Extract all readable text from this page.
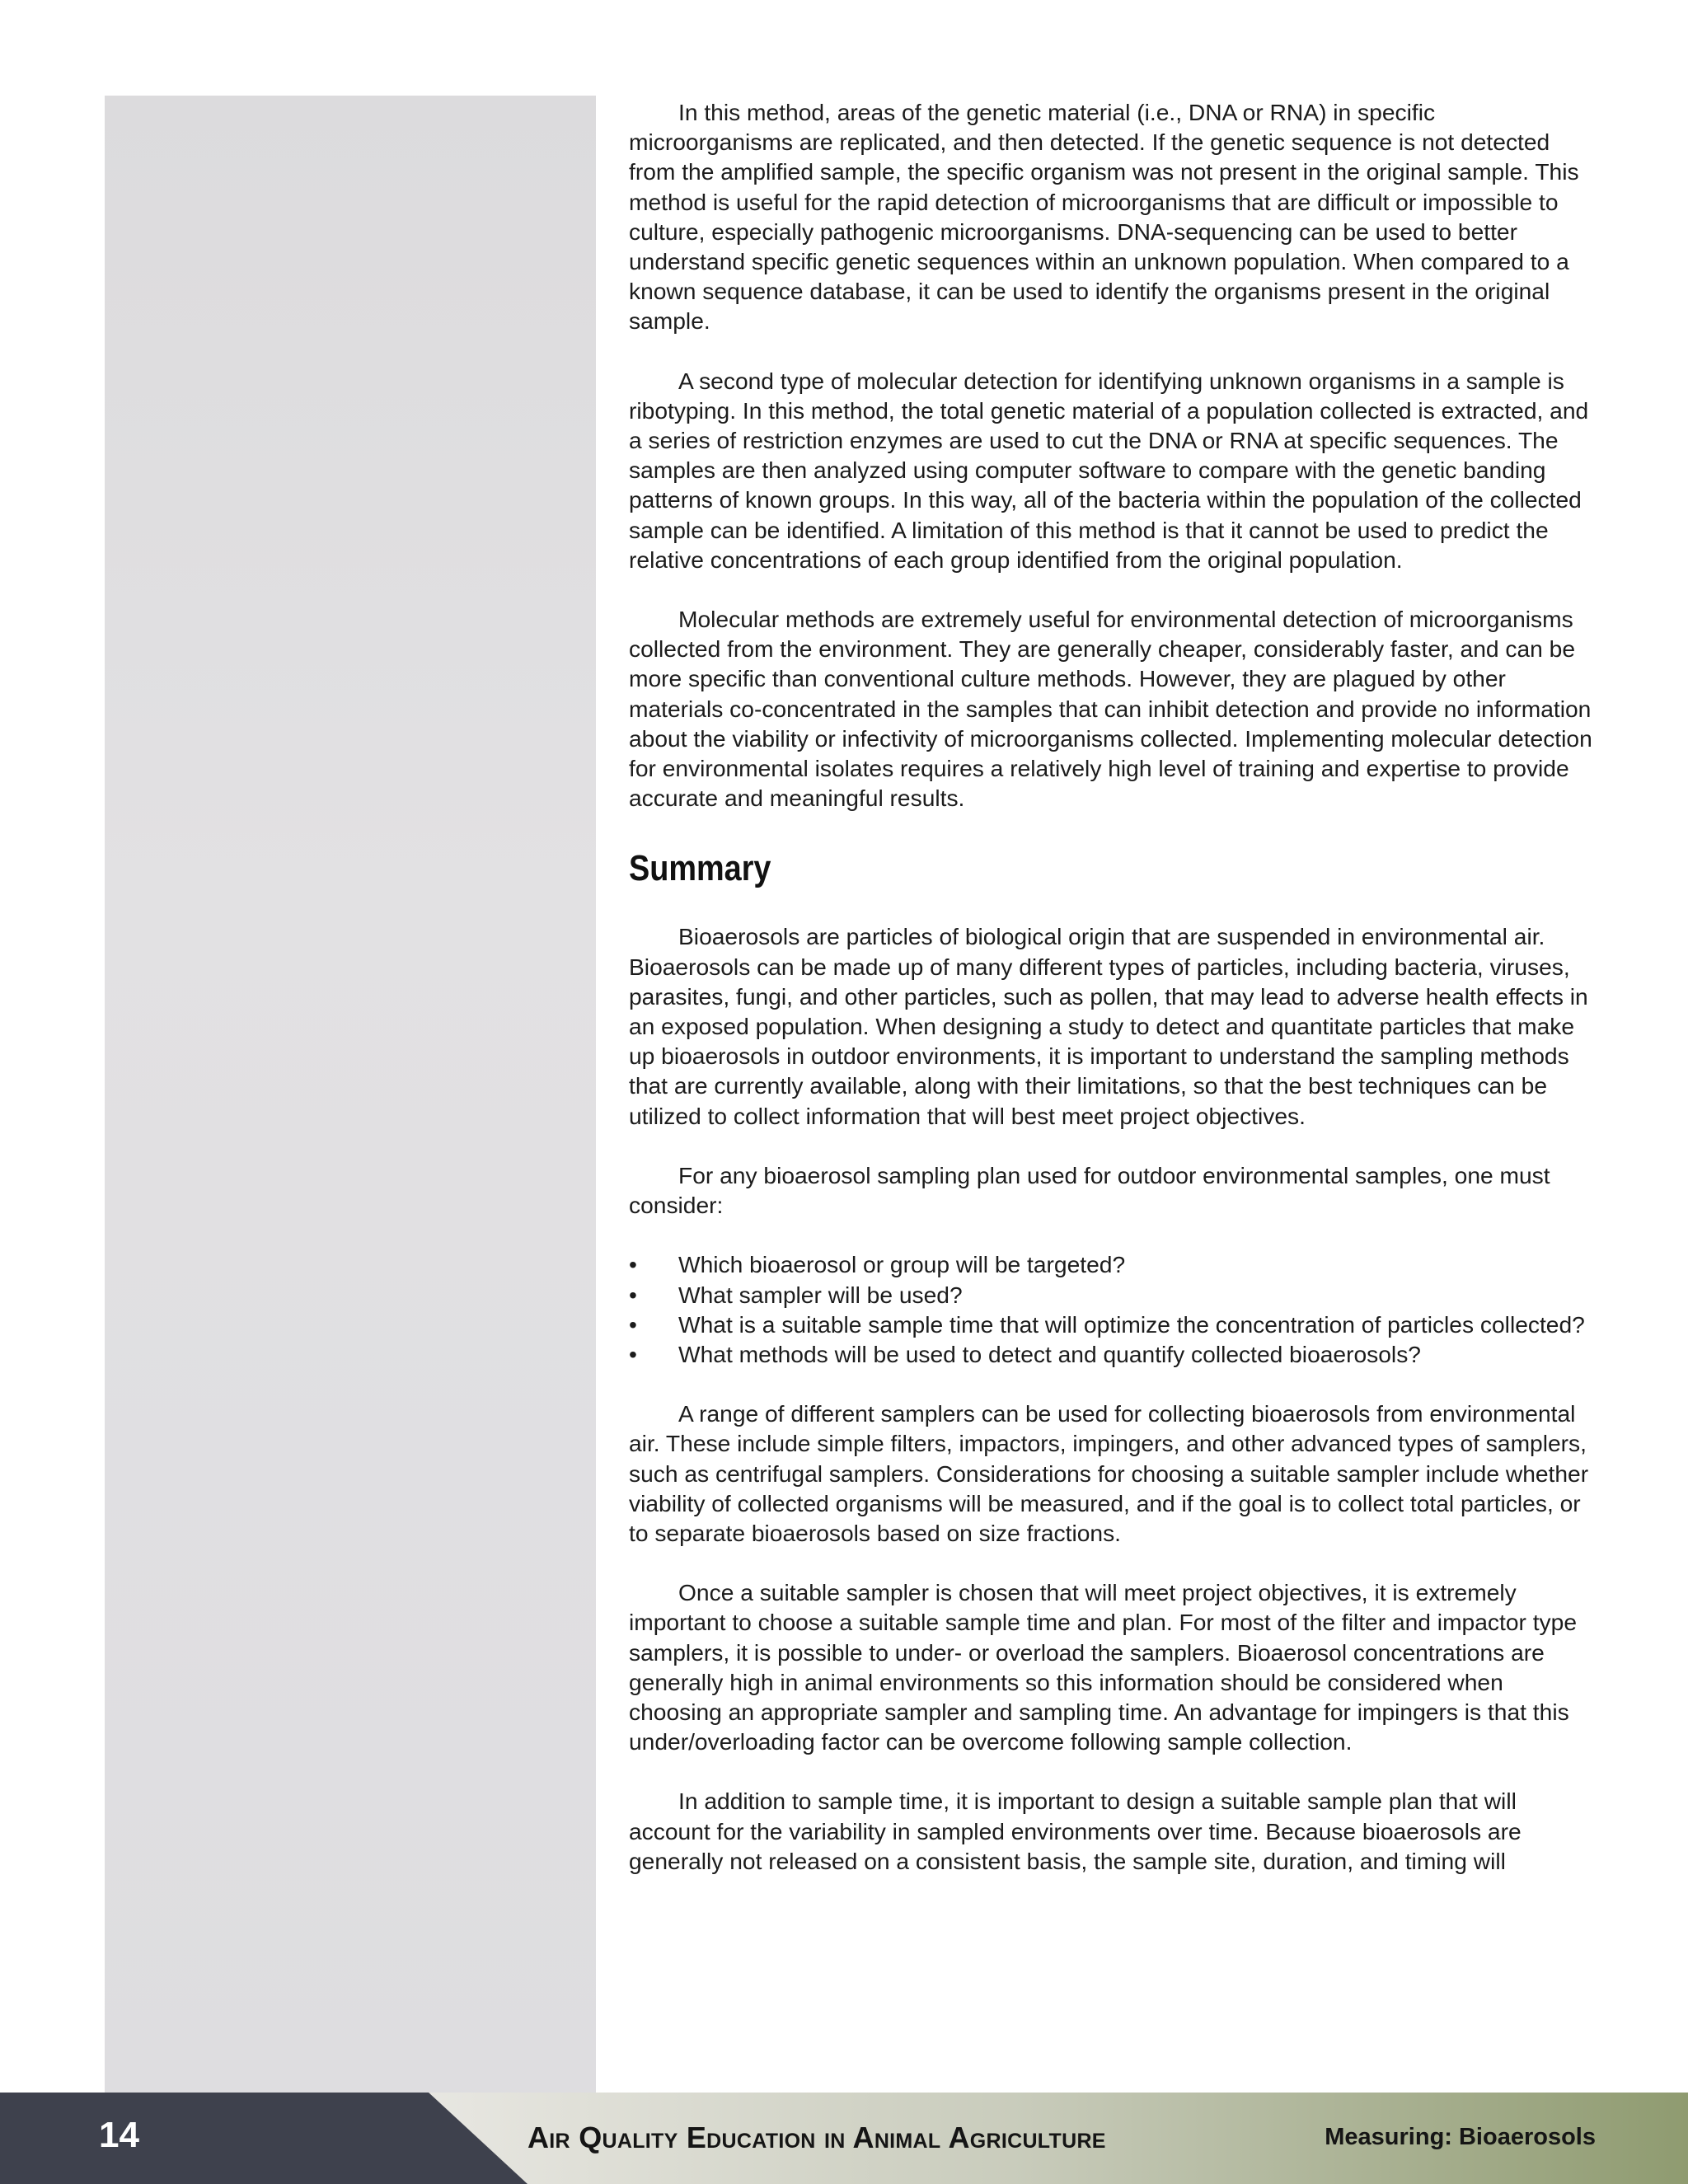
In this method, areas of the genetic material (i.e., DNA or RNA) in specific microorganisms are replicated, and then detected. If the genetic sequence is not detected from the amplified sample, the specific organism was not present in the original sample. This method is useful for the rapid detection of microorganisms that are difficult or impossible to culture, especially pathogenic microorganisms. DNA-sequencing can be used to better understand specific genetic sequences within an unknown population. When compared to a known sequence database, it can be used to identify the organisms present in the original sample.

A second type of molecular detection for identifying unknown organisms in a sample is ribotyping. In this method, the total genetic material of a population collected is extracted, and a series of restriction enzymes are used to cut the DNA or RNA at specific sequences. The samples are then analyzed using computer software to compare with the genetic banding patterns of known groups. In this way, all of the bacteria within the population of the collected sample can be identified. A limitation of this method is that it cannot be used to predict the relative concentrations of each group identified from the original population.

Molecular methods are extremely useful for environmental detection of microorganisms collected from the environment. They are generally cheaper, considerably faster, and can be more specific than conventional culture methods. However, they are plagued by other materials co-concentrated in the samples that can inhibit detection and provide no information about the viability or infectivity of microorganisms collected. Implementing molecular detection for environmental isolates requires a relatively high level of training and expertise to provide accurate and meaningful results.

Summary

Bioaerosols are particles of biological origin that are suspended in environmental air. Bioaerosols can be made up of many different types of particles, including bacteria, viruses, parasites, fungi, and other particles, such as pollen, that may lead to adverse health effects in an exposed population. When designing a study to detect and quantitate particles that make up bioaerosols in outdoor environments, it is important to understand the sampling methods that are currently available, along with their limitations, so that the best techniques can be utilized to collect information that will best meet project objectives.

For any bioaerosol sampling plan used for outdoor environmental samples, one must consider:

• Which bioaerosol or group will be targeted?
• What sampler will be used?
• What is a suitable sample time that will optimize the concentration of particles collected?
• What methods will be used to detect and quantify collected bioaerosols?

A range of different samplers can be used for collecting bioaerosols from environmental air. These include simple filters, impactors, impingers, and other advanced types of samplers, such as centrifugal samplers. Considerations for choosing a suitable sampler include whether viability of collected organisms will be measured, and if the goal is to collect total particles, or to separate bioaerosols based on size fractions.

Once a suitable sampler is chosen that will meet project objectives, it is extremely important to choose a suitable sample time and plan. For most of the filter and impactor type samplers, it is possible to under- or overload the samplers. Bioaerosol concentrations are generally high in animal environments so this information should be considered when choosing an appropriate sampler and sampling time. An advantage for impingers is that this under/overloading factor can be overcome following sample collection.

In addition to sample time, it is important to design a suitable sample plan that will account for the variability in sampled environments over time. Because bioaerosols are generally not released on a consistent basis, the sample site, duration, and timing will

14	Air Quality Education in Animal Agriculture	Measuring: Bioaerosols
